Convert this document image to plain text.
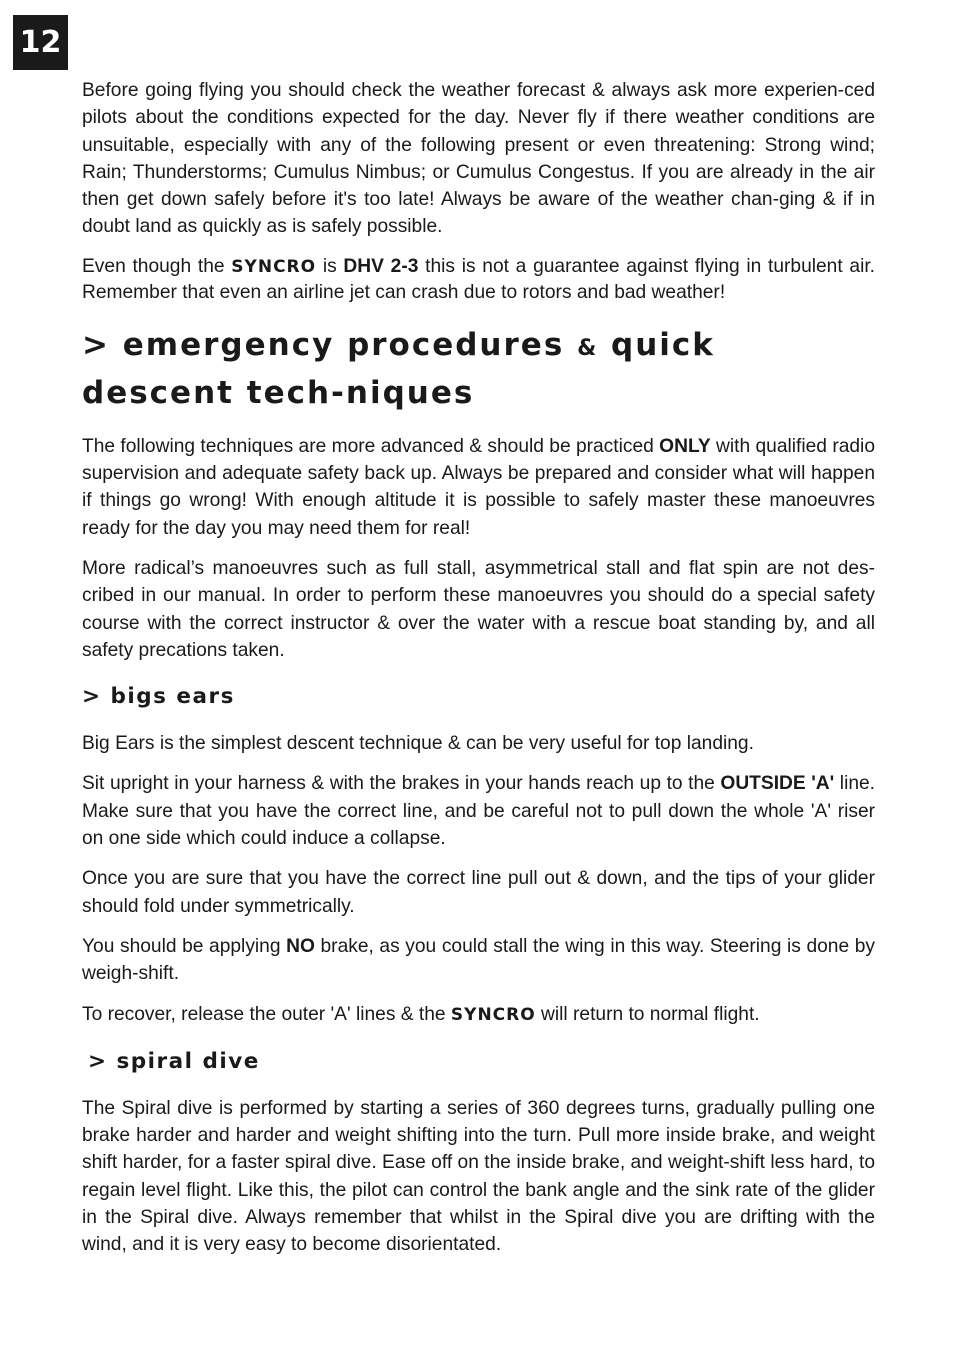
12

Before going flying you should check the weather forecast & always ask more experien-ced pilots about the conditions expected for the day. Never fly if there weather conditions are unsuitable, especially with any of the following present or even threatening: Strong wind; Rain; Thunderstorms; Cumulus Nimbus; or Cumulus Congestus. If you are already in the air then get down safely before it's too late! Always be aware of the weather chan-ging & if in doubt land as quickly as is safely possible.

Even though the SYNCRO is DHV 2-3 this is not a guarantee against flying in turbulent air. Remember that even an airline jet can crash due to rotors and bad weather!

> emergency procedures & quick descent tech-niques

The following techniques are more advanced & should be practiced ONLY with qualified radio supervision and adequate safety back up. Always be prepared and consider what will happen if things go wrong! With enough altitude it is possible to safely master these manoeuvres ready for the day you may need them for real!

More radical’s manoeuvres such as full stall, asymmetrical stall and flat spin are not des-cribed in our manual. In order to perform these manoeuvres you should do a special safety course with the correct instructor & over the water with a rescue boat standing by, and all safety precations taken.

> bigs ears

Big Ears is the simplest descent technique & can be very useful for top landing.

Sit upright in your harness & with the brakes in your hands reach up to the OUTSIDE 'A' line. Make sure that you have the correct line, and be careful not to pull down the whole 'A' riser on one side which could induce a collapse.

Once you are sure that you have the correct line pull out & down, and the tips of your glider should fold under symmetrically.

You should be applying NO brake, as you could stall the wing in this way. Steering is done by weigh-shift.

To recover, release the outer 'A' lines & the SYNCRO will return to normal flight.

> spiral dive

The Spiral dive is performed by starting a series of 360 degrees turns, gradually pulling one brake harder and harder and weight shifting into the turn. Pull more inside brake, and weight shift harder, for a faster spiral dive. Ease off on the inside brake, and weight-shift less hard, to regain level flight. Like this, the pilot can control the bank angle and the sink rate of the glider in the Spiral dive. Always remember that whilst in the Spiral dive you are drifting with the wind, and it is very easy to become disorientated.
